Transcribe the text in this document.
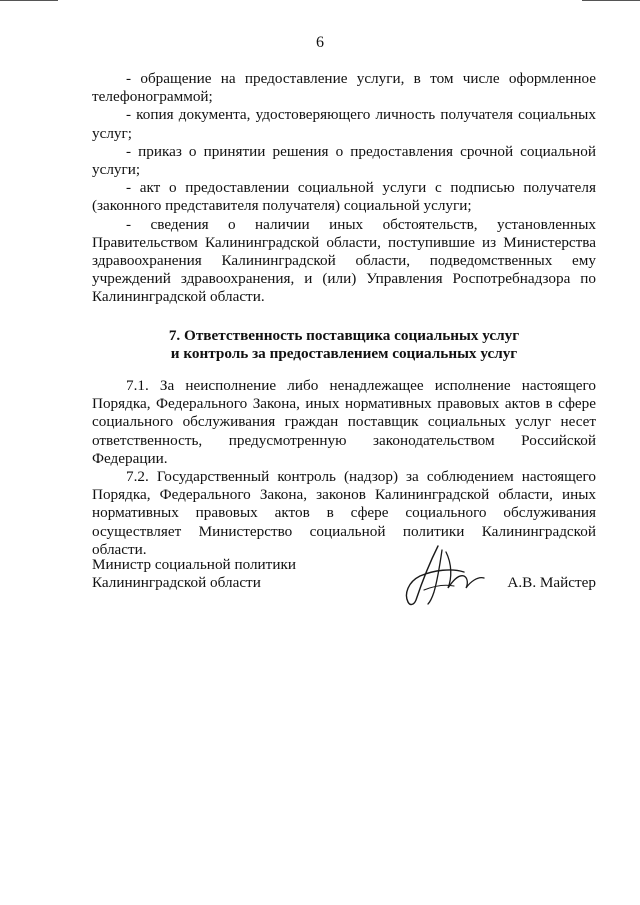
6

- обращение на предоставление услуги, в том числе оформленное телефонограммой;

- копия документа, удостоверяющего личность получателя социальных услуг;

- приказ о принятии решения о предоставления срочной социальной услуги;

- акт о предоставлении социальной услуги с подписью получателя (законного представителя получателя) социальной услуги;

- сведения о наличии иных обстоятельств, установленных Правительством Калининградской области, поступившие из Министерства здравоохранения Калининградской области, подведомственных ему учреждений здравоохранения, и (или) Управления Роспотребнадзора по Калининградской области.

7. Ответственность поставщика социальных услуг
и контроль за предоставлением социальных услуг

7.1. За неисполнение либо ненадлежащее исполнение настоящего Порядка, Федерального Закона, иных нормативных правовых актов в сфере социального обслуживания граждан поставщик социальных услуг несет ответственность, предусмотренную законодательством Российской Федерации.

7.2. Государственный контроль (надзор) за соблюдением настоящего Порядка, Федерального Закона, законов Калининградской области, иных нормативных правовых актов в сфере социального обслуживания осуществляет Министерство социальной политики Калининградской области.

Министр социальной политики
Калининградской области	А.В. Майстер
